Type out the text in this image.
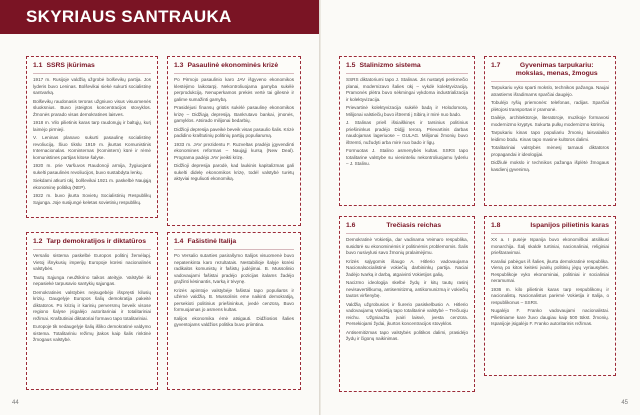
SKYRIAUS SANTRAUKA
1.1 SSRS įkūrimas
1917 m. Rusijoje valdžią užgrobė bolševikų partija. Jos lyderis buvo Leninas. Bolševikai siekė sukurti socialistinę santvarką.
Bolševikų raudonasis teroras užgniuvo visus visuomenės sluoksnius. Buvo įsteigtos koncentracijos stovyklos. Žmonės prarado visas demokratines laisves.
1918 m. Vilo pilietinis karas tarp raudonųjų ir baltųjų, kurį laimėjo pirmieji.
V. Leninas planavo sukurti pasaulinę socialistinę revoliuciją. Šiuo tikslu 1919 m. įkurtas Komunistinis Internacionalas. Kominternas (Komintern) kūrė ir rėmė komunistines partijas kitose šalyse.
1920 m. prie Varšuvos Raudonoji armija, žygiuojanti sukelti pasaulinės revoliucijos, buvo sustabdyta lenkų.
Siekdami atkurti ūkį, bolševikai 1921 m. paskelbė Naująją ekonominę politiką (NEP).
1922 m. buvo įkurta Sovietų Socialistinių Respublikų Sąjunga. Joje susijungė keletas sovietinių respublikų.
1.2 Tarp demokratijos ir diktatūros
Versalio sistema paskelbė Europos politinį žemėlapį. Vietoj išnykusių imperijų Europoje kūrėsi nacionalinės valstybės.
Tautų Sąjunga neužtikrino taikos ateityje. Valstybė iki nepasiekė tarpusavio santykių sąjungas.
Demokratinės valstybės neįsugebėjo išspręsti kilusių krizių. Daugelyje Europos šalių demokratija pakeitė diktatūros. Po krizių ir karinių perversmų beveik visose regiono šalyse įsigalėjo autoritariniai ir totalitariniai režimai. Kraštutiniai diktatoriai formavo tapo totalitariniai.
Europoje tik nedaugelyje šalių išliko demokratinė valdymo sistema. Totalitariniu režimų įtakos kaip šalis rinktinė žmogaus valstybė.
1.3 Pasaulinė ekonominės krizė
Po Pirmojo pasaulinio karo JAV išgyveno ekonomikos klestėjimo laikotarpį. Nekontroliuojama gamyba sukėlė perprodukciją. Nenuperkamos prekės vertė tai gilesnė ir galime sumažinti gamybą.
Prasidėjusi finansų griūtis sukėlė pasaulinę ekonomikos krizę – Didžiąją depresiją. Bankrutavo bankai, įmonės, gamyklos. Atsirado milijonai bedarbių.
Didžioji depresija paveikė beveik visas pasaulio šalis. Krizė padidino kraštutinių politinių partijų populiarumą.
1933 m. JAV prezidentu F. Ruzveltas pradėjo įgyvendinti ekonomines reformas – Naująjį kursą (New Deal). Programa padėjo JAV įveikti krizę.
Didžioji depresija parodė, kad laukinis kapitalizmas gali sukelti didelę ekonomikos krizę, todėl valstybė turėtų aktyviai reguliuoti ekonomiką.
1.4 Fašistinė Italija
Po Versalio sutarties pasirašymo Italijos visuomenė buvo nepatenkinta karo rezultatais. Nestabilioje šalyje kūrėsi radikalūs komunistų ir fašistų judėjimai. B. Mussolinio vadovaujami fašistai pradėjo pozicijas italams žadėjo grąžinti kėsinantis, tvarką ir tėvynę.
Krizės apimtoje valstybėje fašistai tapo populiarūs ir užėmė valdžią. B. Mussolinis eme naikinti demokratiją, persekioti politinius priešininkus, įvedė cenzūrą. Buvo formuojamas jo asmens kultas.
Italijos ekonomika ėmė atsigauti. Didžiosios šalies gyventojams valdžios politika buvo priimtina.
1.5 Stalinizmo sistema
SSRS diktatoriumi tapo J. Stalinas. Jis nustatyti penkmečio planai, modernizavo šalies ūkį – vykdė kolektyvizaciją. Pramonės plėtra buvo sėkmingai vykdoma industrializacija ir kolektyvizacija.
Prievartinė kolektyvizacija sukėlė badą ir Holodomorą. Milijonai valstiečių buvo ištremti į Sibirą ir mirė nuo bado.
J. Stalinas prieš išsiaiškinęs ir tarsinius politinius priešininkus pradėjo Didįjį terorą. Prievartinis darbas naudojamas lageriuose – GULAG. Milijonai žmonių buvo ištremti, nužudyti arba mirė nuo bado ir ligų.
Formuotas J. Stalino asmenybės kultas. SSRS tapo totalitarine valstybe su vieninteliu nekontroliuojamu lyderiu – J. Stalinu.
1.6	Trečiasis reichas
Demokratinė Vokietija, dar vadinama Veimaro respublika, susidūrė su ekonominėmis ir politinėmis problemomis. Šalis buvo nusivylusi savo žmonių pralaimėjimu.
Krizės sąlygomis išaugo A. Hitlerio vadovaujama Nacionalsocialistinė vokiečių darbininkų partija. Naciai žadėjo tvarką ir darbą, atgaivinti Vokietijos galią.
Nacizmo ideologija skelbė žydų ir kitų tautų rasinį nevisavertiškumą, antisemitizmą, antikomunizmą ir vokiečių tautos viršenybę.
Valdžią užgrobusios ir fiurerio pasiskelbusio A. Hitlerio vadovaujamą Vokietiją tapo totalitarinė valstybė – Trečiuoju reichu. Užgniaužta įvairi laisvė, įvesta cenzūra. Persekiojami žydai, įkurtos koncentracijos stovyklos.
Antisemitizmas tapo valstybės politikos dalimi, prasidėjo žydų ir čigonų naikinimas.
1.7	Gyvenimas tarpukariu: mokslas, menas, žmogus
Tarpukariu vyko sparti mokslo, technikos pažanga. Naujai atrastiems išradimams sparčiai daugėjo.
Tobulėjo ryšių priemonės: telefonas, radijas. Sparčiai plėtojosi transportas ir pramonė.
Dailėje, architektūroje, literatūroje, muzikoje formavosi modernizmo kryptys. Sukurta pulkų modernizmo kūrinių.
Tarpukariu kinas tapo populiariu žmonių laisvalaikio leidimo būdu. Kinas tapo masine kultūros dalimi.
Totalitariniai valstybės mėnesį tarnauti diktatūros propagandai ir ideologijai.
Didžiulė mokslo ir technikos pažanga išplėtė žmogaus kasdienį gyvenimą.
1.8	Ispanijos pilietinis karas
XX a. I pusėje Ispanija buvo ekonomiškai atsilikusi monarchija. Šalį skaldė turtiniai, nacionaliniai, religiniai prieštaravimai.
Karaliui pabėgus iš šalies, įkurta demokratinė respublika. Vieną po kitos keitėsi įvairių politinių jėgų vyriausybės. Respublikoje vyko ekonominiai, politiniai ir socialiniai neramumai.
1936 m. kilo pilietinis karas tarp respublikonų ir nacionalistų. Nacionalistus parėmė Vokietija ir Italija, o respublikonus – SSRS.
Nugalėjo F. Franko vadovaujami nacionalistai. Pilietiniame kare žuvo daugiau kaip 500 tūkst. žmonių. Ispanijoje įsigalėjo F. Franko autoritarinis režimas.
44	45
